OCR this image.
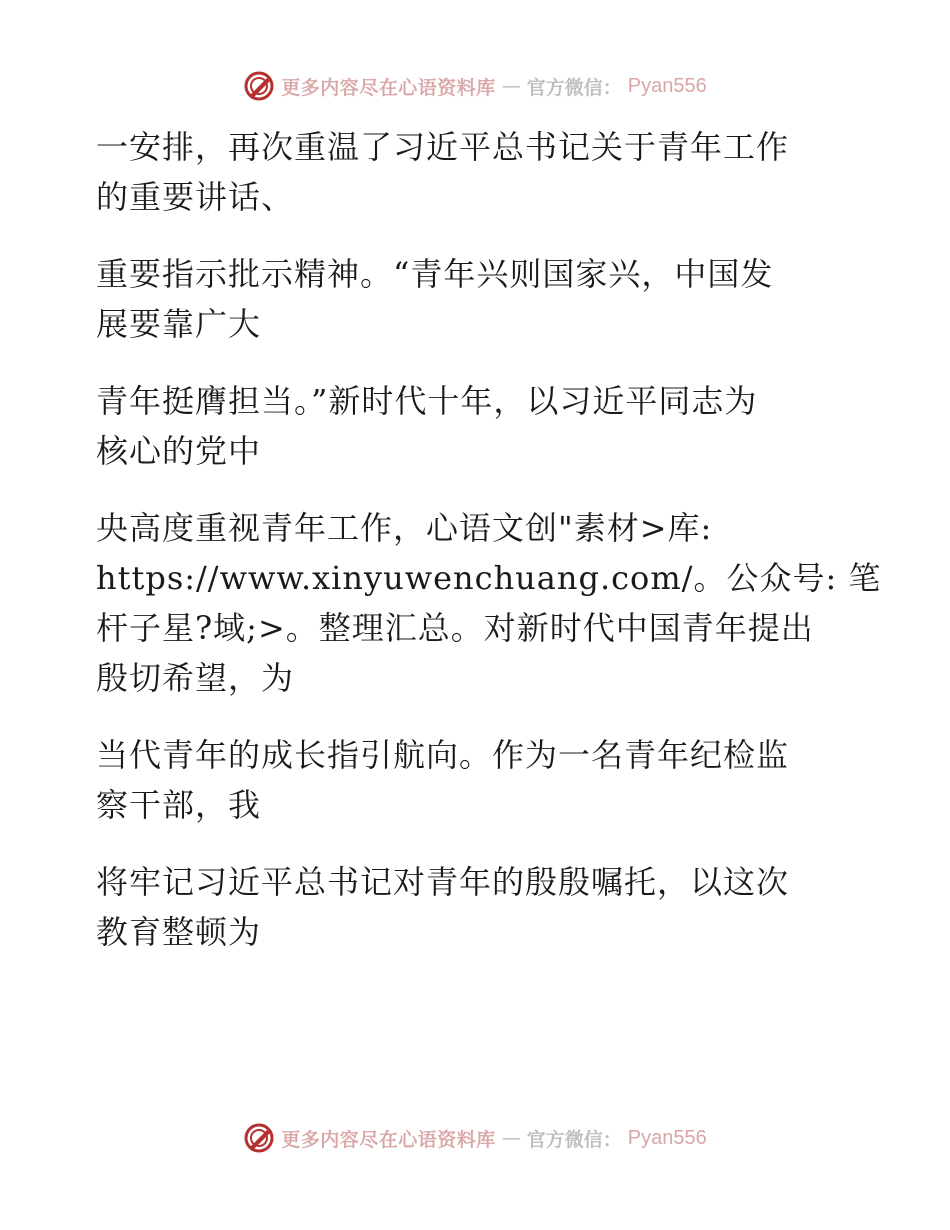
更多内容尽在心语资料库 — 官方微信： Pyan556
一安排，再次重温了习近平总书记关于青年工作
的重要讲话、
重要指示批示精神。“青年兴则国家兴，中国发
展要靠广大
青年挺膺担当。”新时代十年，以习近平同志为
核心的党中
央高度重视青年工作，心语文创"素材>库:
https://www.xinyuwenchuang.com/。公众号: 笔
杆子星?域;>。整理汇总。对新时代中国青年提出
殷切希望，为
当代青年的成长指引航向。作为一名青年纪检监
察干部，我
将牢记习近平总书记对青年的殷殷嘱托，以这次
教育整顿为
更多内容尽在心语资料库 — 官方微信： Pyan556
